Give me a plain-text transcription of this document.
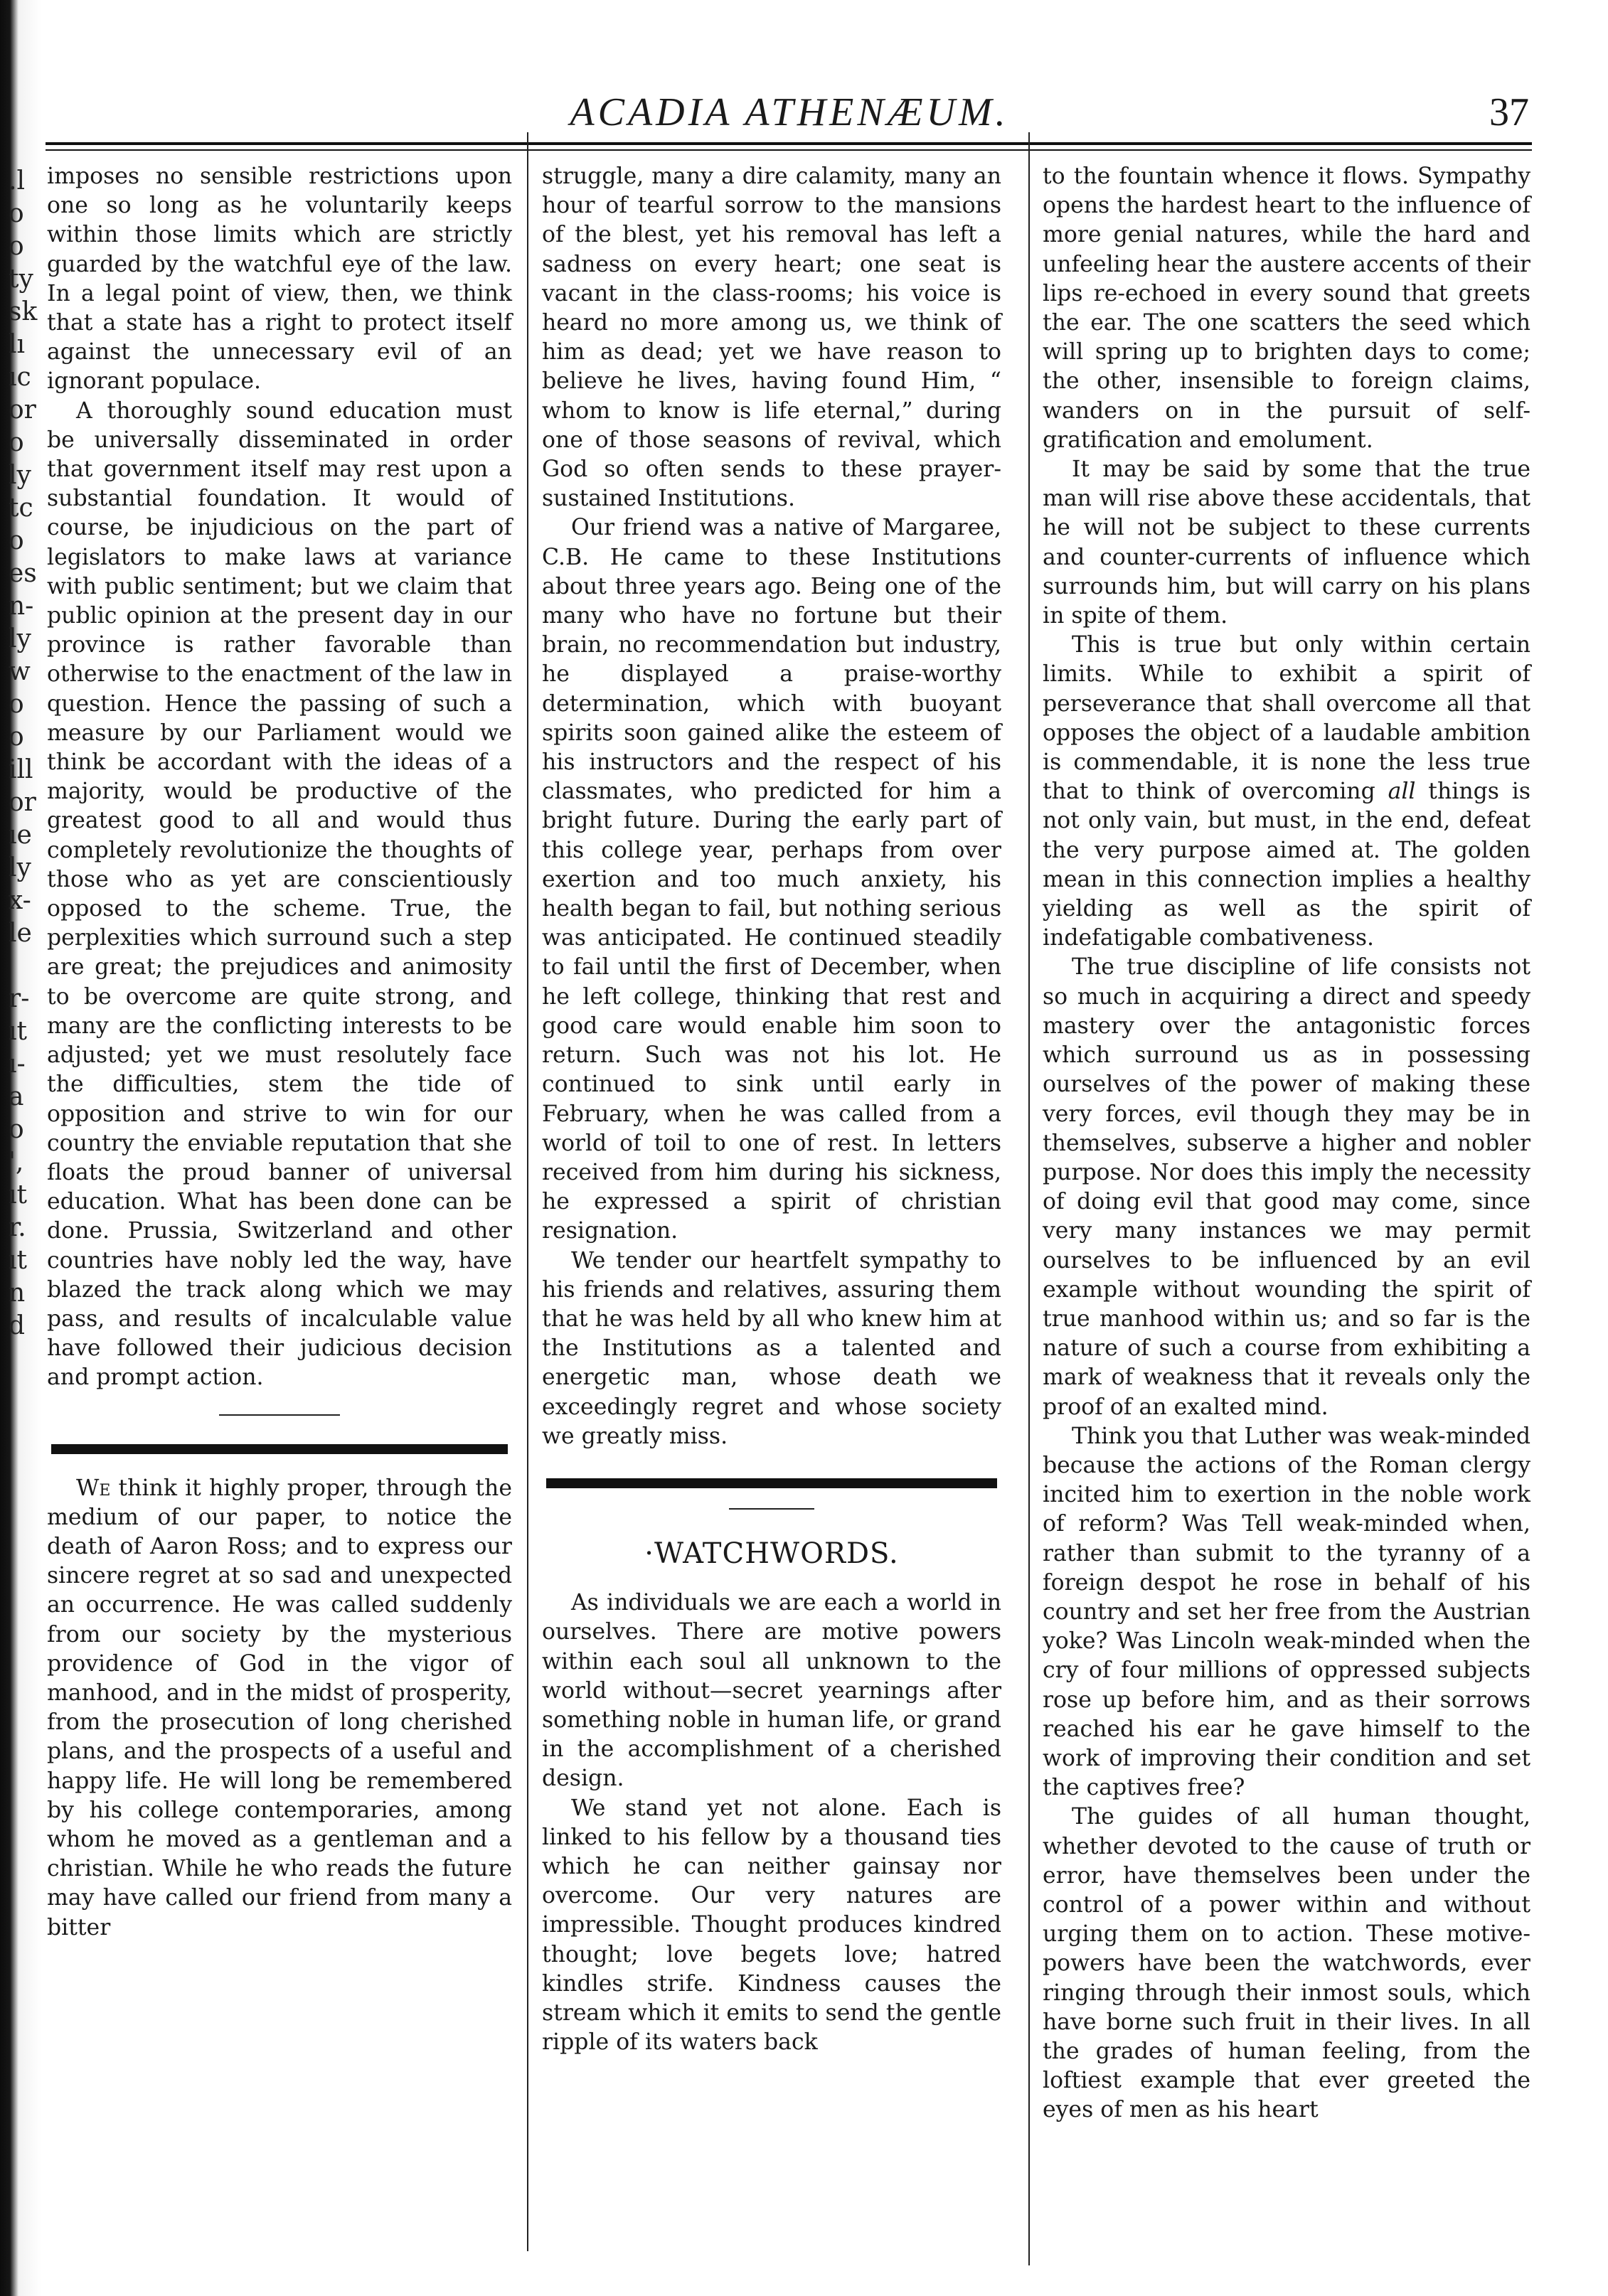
.l
o
o
ty
sk
lı
ıc
or
o
ly
tc
o
es
n-
ly
w
o
o
ill
or
ıe
ly
x-
le

r-
ıt
ı-
a
o
',
ıt
r.
ıt
n
d
ACADIA ATHENÆUM.	37

imposes no sensible restrictions upon one so long as he voluntarily keeps within those limits which are strictly guarded by the watchful eye of the law. In a legal point of view, then, we think that a state has a right to protect itself against the unnecessary evil of an ignorant populace.

A thoroughly sound education must be universally disseminated in order that government itself may rest upon a substantial foundation. It would of course, be injudicious on the part of legislators to make laws at variance with public sentiment; but we claim that public opinion at the present day in our province is rather favorable than otherwise to the enactment of the law in question. Hence the passing of such a measure by our Parliament would we think be accordant with the ideas of a majority, would be productive of the greatest good to all and would thus completely revolutionize the thoughts of those who as yet are conscientiously opposed to the scheme. True, the perplexities which surround such a step are great; the prejudices and animosity to be overcome are quite strong, and many are the conflicting interests to be adjusted; yet we must resolutely face the difficulties, stem the tide of opposition and strive to win for our country the enviable reputation that she floats the proud banner of universal education. What has been done can be done. Prussia, Switzerland and other countries have nobly led the way, have blazed the track along which we may pass, and results of incalculable value have followed their judicious decision and prompt action.

We think it highly proper, through the medium of our paper, to notice the death of Aaron Ross; and to express our sincere regret at so sad and unexpected an occurrence. He was called suddenly from our society by the mysterious providence of God in the vigor of manhood, and in the midst of prosperity, from the prosecution of long cherished plans, and the prospects of a useful and happy life. He will long be remembered by his college contemporaries, among whom he moved as a gentleman and a christian. While he who reads the future may have called our friend from many a bitter

struggle, many a dire calamity, many an hour of tearful sorrow to the mansions of the blest, yet his removal has left a sadness on every heart; one seat is vacant in the class-rooms; his voice is heard no more among us, we think of him as dead; yet we have reason to believe he lives, having found Him, “ whom to know is life eternal,” during one of those seasons of revival, which God so often sends to these prayer-sustained Institutions.

Our friend was a native of Margaree, C.B. He came to these Institutions about three years ago. Being one of the many who have no fortune but their brain, no recommendation but industry, he displayed a praise-worthy determination, which with buoyant spirits soon gained alike the esteem of his instructors and the respect of his classmates, who predicted for him a bright future. During the early part of this college year, perhaps from over exertion and too much anxiety, his health began to fail, but nothing serious was anticipated. He continued steadily to fail until the first of December, when he left college, thinking that rest and good care would enable him soon to return. Such was not his lot. He continued to sink until early in February, when he was called from a world of toil to one of rest. In letters received from him during his sickness, he expressed a spirit of christian resignation.

We tender our heartfelt sympathy to his friends and relatives, assuring them that he was held by all who knew him at the Institutions as a talented and energetic man, whose death we exceedingly regret and whose society we greatly miss.

·WATCHWORDS.

As individuals we are each a world in ourselves. There are motive powers within each soul all unknown to the world without—secret yearnings after something noble in human life, or grand in the accomplishment of a cherished design.

We stand yet not alone. Each is linked to his fellow by a thousand ties which he can neither gainsay nor overcome. Our very natures are impressible. Thought produces kindred thought; love begets love; hatred kindles strife. Kindness causes the stream which it emits to send the gentle ripple of its waters back

to the fountain whence it flows. Sympathy opens the hardest heart to the influence of more genial natures, while the hard and unfeeling hear the austere accents of their lips re-echoed in every sound that greets the ear. The one scatters the seed which will spring up to brighten days to come; the other, insensible to foreign claims, wanders on in the pursuit of self-gratification and emolument.

It may be said by some that the true man will rise above these accidentals, that he will not be subject to these currents and counter-currents of influence which surrounds him, but will carry on his plans in spite of them.

This is true but only within certain limits. While to exhibit a spirit of perseverance that shall overcome all that opposes the object of a laudable ambition is commendable, it is none the less true that to think of overcoming all things is not only vain, but must, in the end, defeat the very purpose aimed at. The golden mean in this connection implies a healthy yielding as well as the spirit of indefatigable combativeness.

The true discipline of life consists not so much in acquiring a direct and speedy mastery over the antagonistic forces which surround us as in possessing ourselves of the power of making these very forces, evil though they may be in themselves, subserve a higher and nobler purpose. Nor does this imply the necessity of doing evil that good may come, since very many instances we may permit ourselves to be influenced by an evil example without wounding the spirit of true manhood within us; and so far is the nature of such a course from exhibiting a mark of weakness that it reveals only the proof of an exalted mind.

Think you that Luther was weak-minded because the actions of the Roman clergy incited him to exertion in the noble work of reform? Was Tell weak-minded when, rather than submit to the tyranny of a foreign despot he rose in behalf of his country and set her free from the Austrian yoke? Was Lincoln weak-minded when the cry of four millions of oppressed subjects rose up before him, and as their sorrows reached his ear he gave himself to the work of improving their condition and set the captives free?

The guides of all human thought, whether devoted to the cause of truth or error, have themselves been under the control of a power within and without urging them on to action. These motive-powers have been the watchwords, ever ringing through their inmost souls, which have borne such fruit in their lives. In all the grades of human feeling, from the loftiest example that ever greeted the eyes of men as his heart
